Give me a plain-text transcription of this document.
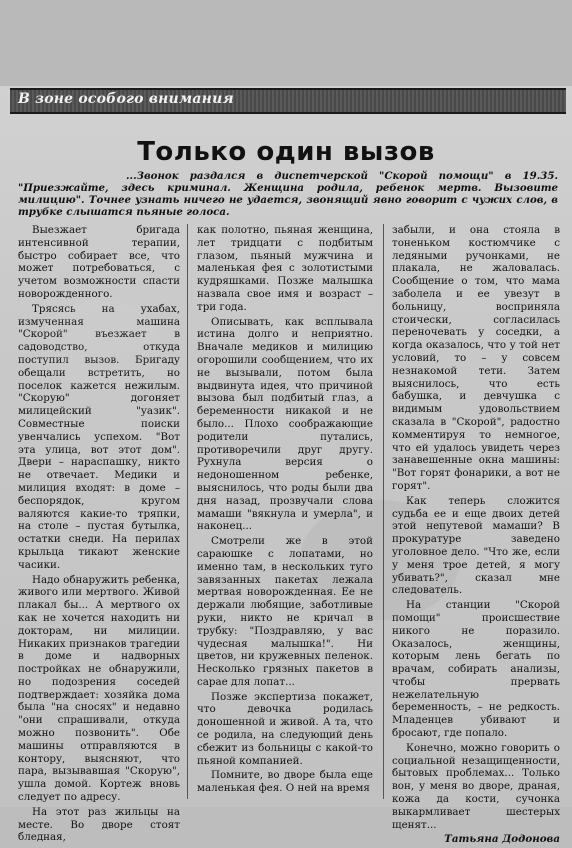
В зоне особого внимания
Только один вызов
...Звонок раздался в диспетчерской "Скорой помощи" в 19.35. "Приезжайте, здесь криминал. Женщина родила, ребенок мертв. Вызовите милицию". Точнее узнать ничего не удается, звонящий явно говорит с чужих слов, в трубке слышатся пьяные голоса.

Выезжает бригада интенсивной терапии, быстро собирает все, что может потребоваться, с учетом возможности спасти новорожденного.

Трясясь на ухабах, измученная машина "Скорой" въезжает в садоводство, откуда поступил вызов. Бригаду обещали встретить, но поселок кажется нежилым. "Скорую" догоняет милицейский "уазик". Совместные поиски увенчались успехом. "Вот эта улица, вот этот дом". Двери – нараспашку, никто не отвечает. Медики и милиция входят: в доме – беспорядок, кругом валяются какие-то тряпки, на столе – пустая бутылка, остатки снеди. На перилах крыльца тикают женские часики.

Надо обнаружить ребенка, живого или мертвого. Живой плакал бы... А мертвого ох как не хочется находить ни докторам, ни милиции. Никаких признаков трагедии в доме и надворных постройках не обнаружили, но подозрения соседей подтверждает: хозяйка дома была "на сносях" и недавно "они спрашивали, откуда можно позвонить". Обе машины отправляются в контору, выясняют, что пара, вызывавшая "Скорую", ушла домой. Кортеж вновь следует по адресу.

На этот раз жильцы на месте. Во дворе стоят бледная,

как полотно, пьяная женщина, лет тридцати с подбитым глазом, пьяный мужчина и маленькая фея с золотистыми кудряшками. Позже малышка назвала свое имя и возраст – три года.

Описывать, как всплывала истина долго и неприятно. Вначале медиков и милицию огорошили сообщением, что их не вызывали, потом была выдвинута идея, что причиной вызова был подбитый глаз, а беременности никакой и не было... Плохо соображающие родители путались, противоречили друг другу. Рухнула версия о недоношенном ребенке, выяснилось, что роды были два дня назад, прозвучали слова мамаши "вякнула и умерла", и наконец...

Смотрели же в этой сараюшке с лопатами, но именно там, в нескольких туго завязанных пакетах лежала мертвая новорожденная. Ее не держали любящие, заботливые руки, никто не кричал в трубку: "Поздравляю, у вас чудесная малышка!". Ни цветов, ни кружевных пеленок. Несколько грязных пакетов в сарае для лопат...

Позже экспертиза покажет, что девочка родилась доношенной и живой. А та, что се родила, на следующий день сбежит из больницы с какой-то пьяной компанией.

Помните, во дворе была еще маленькая фея. О ней на время

забыли, и она стояла в тоненьком костюмчике с ледяными ручонками, не плакала, не жаловалась. Сообщение о том, что мама заболела и ее увезут в больницу, восприняла стоически, согласилась переночевать у соседки, а когда оказалось, что у той нет условий, то – у совсем незнакомой тети. Затем выяснилось, что есть бабушка, и девчушка с видимым удовольствием сказала в "Скорой", радостно комментируя то немногое, что ей удалось увидеть через занавешенные окна машины: "Вот горят фонарики, а вот не горят".

Как теперь сложится судьба ее и еще двоих детей этой непутевой мамаши? В прокуратуре заведено уголовное дело. "Что же, если у меня трое детей, я могу убивать?", сказал мне следователь.

На станции "Скорой помощи" происшествие никого не поразило. Оказалось, женщины, которым лень бегать по врачам, собирать анализы, чтобы прервать нежелательную беременность, – не редкость. Младенцев убивают и бросают, где попало.

Конечно, можно говорить о социальной незащищенности, бытовых проблемах... Только вон, у меня во дворе, драная, кожа да кости, сучонка выкармливает шестерых щенят...

Татьяна Додонова
